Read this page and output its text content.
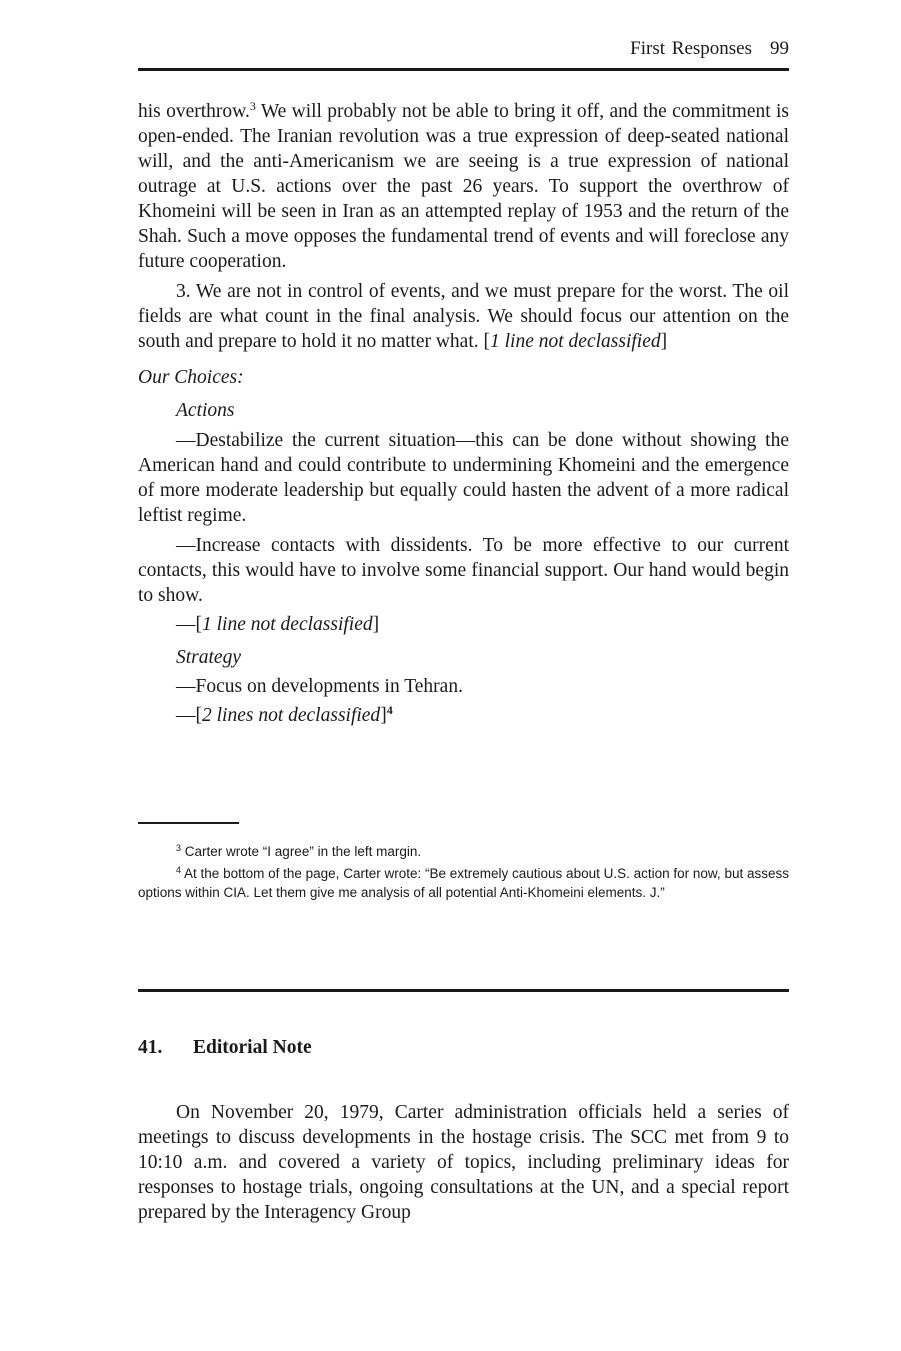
First Responses 99

his overthrow.$^3$ We will probably not be able to bring it off, and the commitment is open-ended. The Iranian revolution was a true expression of deep-seated national will, and the anti-Americanism we are seeing is a true expression of national outrage at U.S. actions over the past 26 years. To support the overthrow of Khomeini will be seen in Iran as an attempted replay of 1953 and the return of the Shah. Such a move opposes the fundamental trend of events and will foreclose any future cooperation.

3. We are not in control of events, and we must prepare for the worst. The oil fields are what count in the final analysis. We should focus our attention on the south and prepare to hold it no matter what. [1 line not declassified]

Our Choices:

Actions

—Destabilize the current situation—this can be done without showing the American hand and could contribute to undermining Khomeini and the emergence of more moderate leadership but equally could hasten the advent of a more radical leftist regime.

—Increase contacts with dissidents. To be more effective to our current contacts, this would have to involve some financial support. Our hand would begin to show.

—[1 line not declassified]

Strategy

—Focus on developments in Tehran.

—[2 lines not declassified]$^4$

$^3$ Carter wrote “I agree” in the left margin.

$^4$ At the bottom of the page, Carter wrote: “Be extremely cautious about U.S. action for now, but assess options within CIA. Let them give me analysis of all potential Anti-Khomeini elements. J.”

41. Editorial Note

On November 20, 1979, Carter administration officials held a series of meetings to discuss developments in the hostage crisis. The SCC met from 9 to 10:10 a.m. and covered a variety of topics, including preliminary ideas for responses to hostage trials, ongoing consultations at the UN, and a special report prepared by the Interagency Group
